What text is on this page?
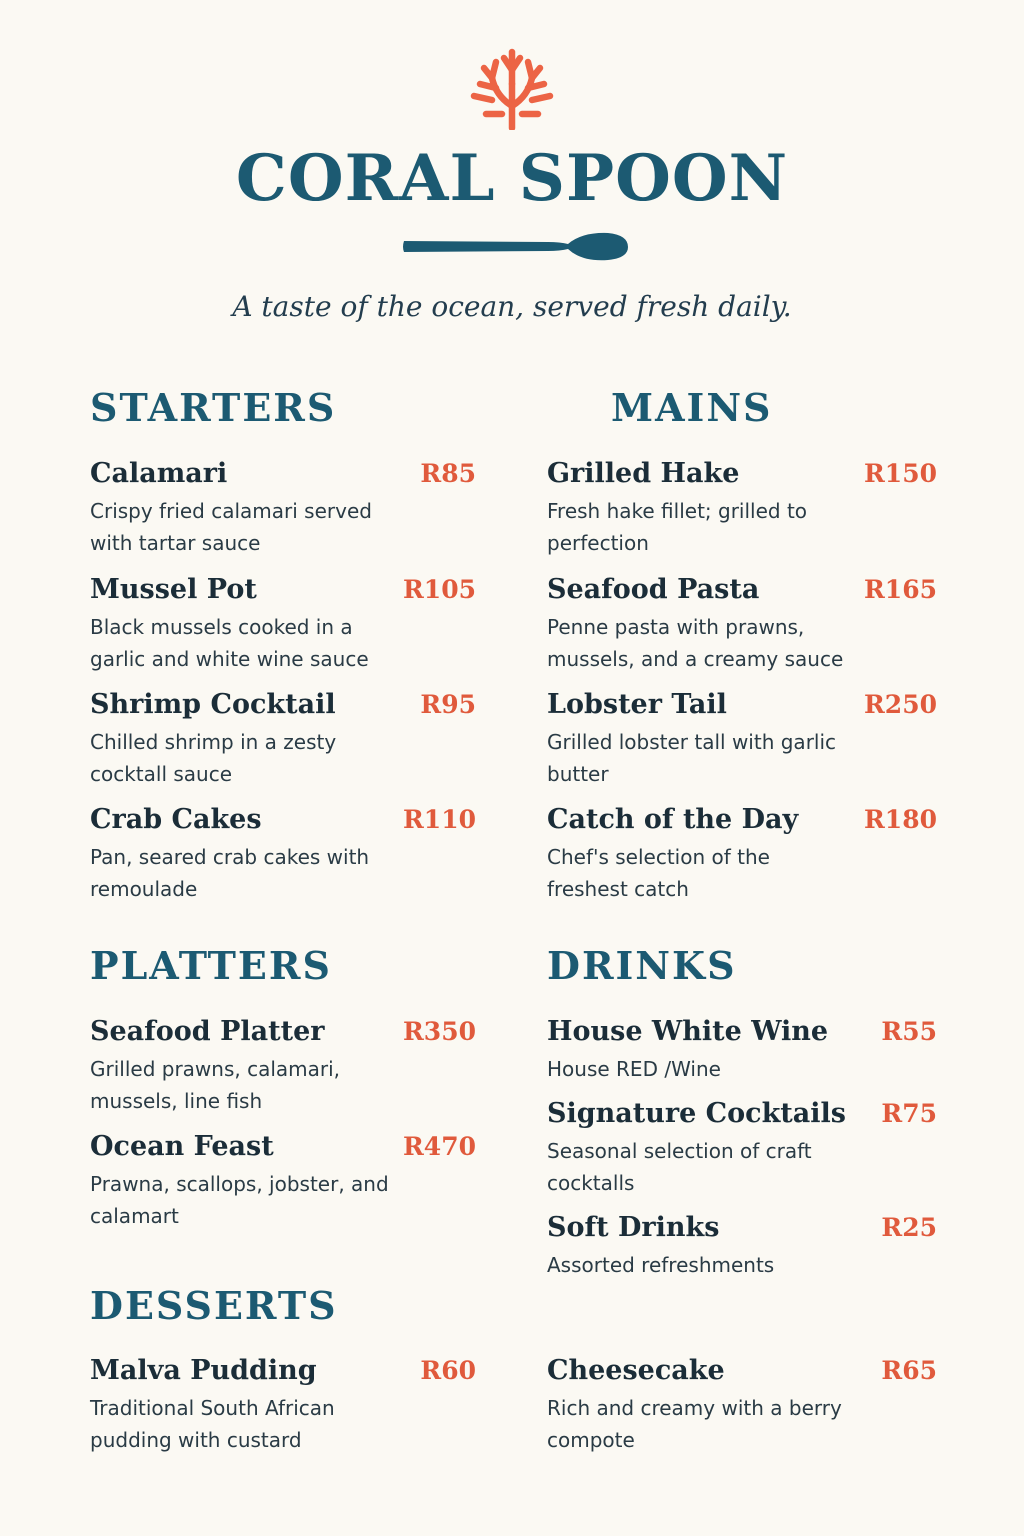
CORAL SPOON
A taste of the ocean, served fresh daily.
STARTERS
Calamari	R85
Crispy fried calamari served with tartar sauce
Mussel Pot	R105
Black mussels cooked in a garlic and white wine sauce
Shrimp Cocktail	R95
Chilled shrimp in a zesty cocktall sauce
Crab Cakes	R110
Pan, seared crab cakes with remoulade
MAINS
Grilled Hake	R150
Fresh hake fillet; grilled to perfection
Seafood Pasta	R165
Penne pasta with prawns, mussels, and a creamy sauce
Lobster Tail	R250
Grilled lobster tall with garlic butter
Catch of the Day	R180
Chef's selection of the freshest catch
PLATTERS
Seafood Platter	R350
Grilled prawns, calamari, mussels, line fish
Ocean Feast	R470
Prawna, scallops, jobster, and calamart
DRINKS
House White Wine R55
House RED /Wine
Signature Cocktails R75
Seasonal selection of craft cocktalls
Soft Drinks	R25
Assorted refreshments
DESSERTS
Malva Pudding	R60
Traditional South African pudding with custard
Cheesecake	R65
Rich and creamy with a berry compote
